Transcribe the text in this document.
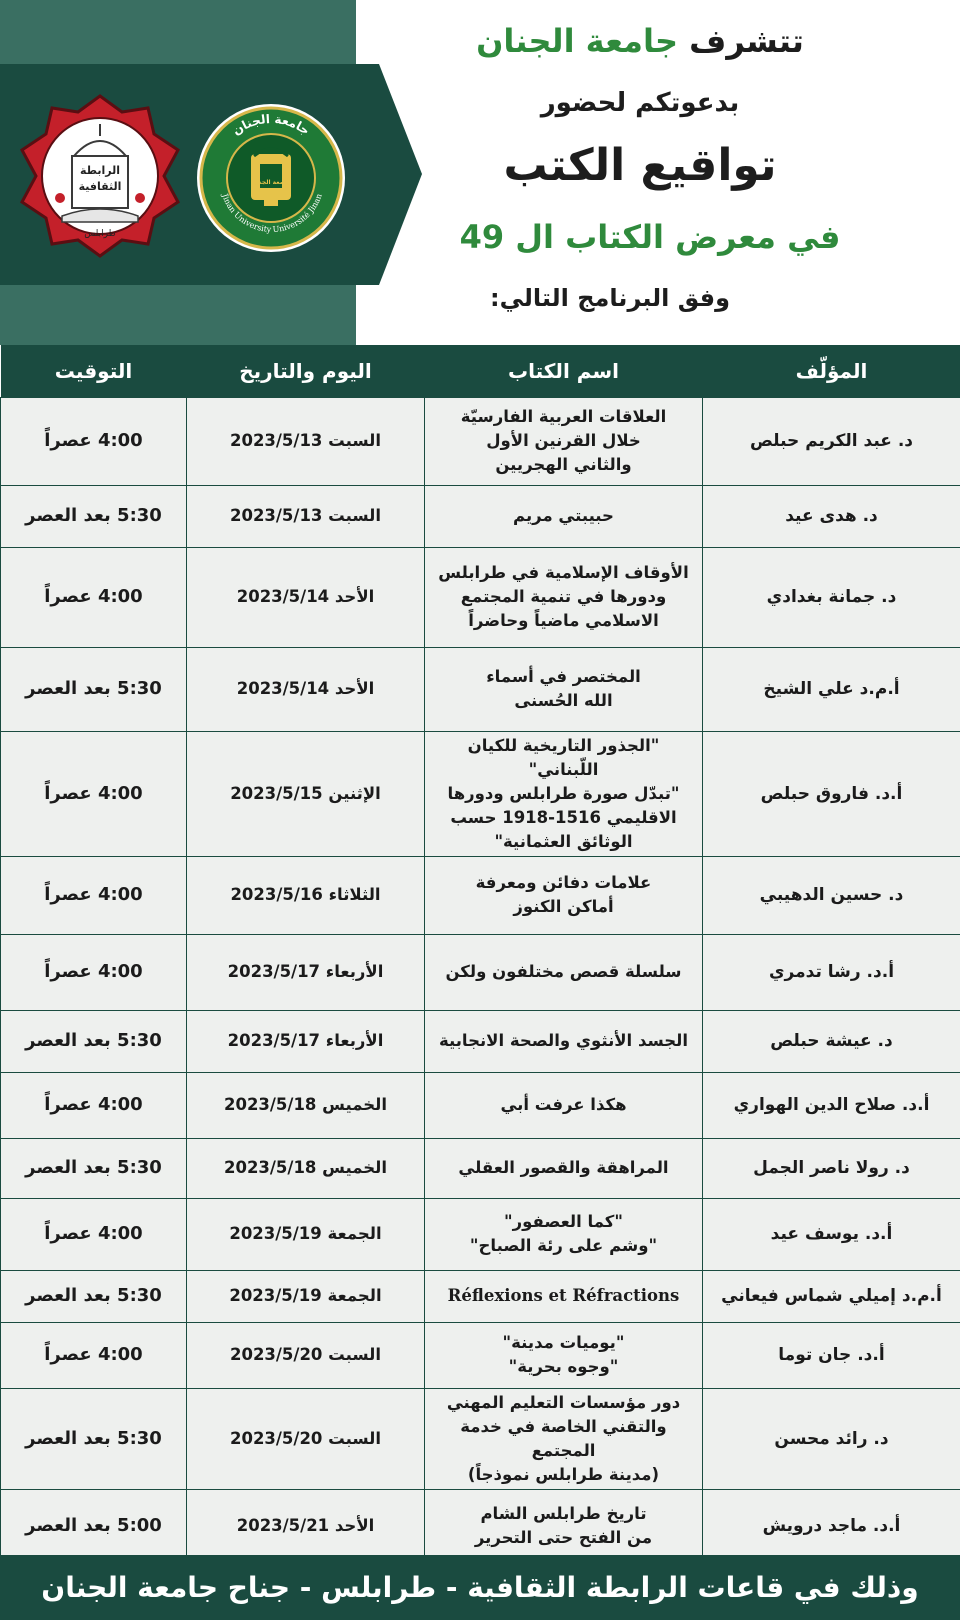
الرابطة
الثقافية
طرابلس
جامعة الجنان
Jinan University Université Jinan
جامعة الجنان
تتشرف جامعة الجنان
بدعوتكم لحضور
تواقيع الكتب
في معرض الكتاب ال 49
وفق البرنامج التالي:
المؤلّف	اسم الكتاب	اليوم والتاريخ	التوقيت
د. عبد الكريم حبلص	العلاقات العربية الفارسيّة
خلال القرنين الأول
والثاني الهجريين	السبت 2023/5/13	4:00 عصراً
د. هدى عيد	حبيبتي مريم	السبت 2023/5/13	5:30 بعد العصر
د. جمانة بغدادي	الأوقاف الإسلامية في طرابلس
ودورها في تنمية المجتمع
الاسلامي ماضياً وحاضراً	الأحد 2023/5/14	4:00 عصراً
أ.م.د علي الشيخ	المختصر في أسماء
الله الحُسنى	الأحد 2023/5/14	5:30 بعد العصر
أ.د. فاروق حبلص	"الجذور التاريخية للكيان اللّبناني"
"تبدّل صورة طرابلس ودورها
الاقليمي 1516-1918 حسب
الوثائق العثمانية"	الإثنين 2023/5/15	4:00 عصراً
د. حسين الدهيبي	علامات دفائن ومعرفة
أماكن الكنوز	الثلاثاء 2023/5/16	4:00 عصراً
أ.د. رشا تدمري	سلسلة قصص مختلفون ولكن	الأربعاء 2023/5/17	4:00 عصراً
د. عيشة حبلص	الجسد الأنثوي والصحة الانجابية	الأربعاء 2023/5/17	5:30 بعد العصر
أ.د. صلاح الدين الهواري	هكذا عرفت أبي	الخميس 2023/5/18	4:00 عصراً
د. رولا ناصر الجمل	المراهقة والقصور العقلي	الخميس 2023/5/18	5:30 بعد العصر
أ.د. يوسف عيد	"كما العصفور"
"وشم على رئة الصباح"	الجمعة 2023/5/19	4:00 عصراً
أ.م.د إميلي شماس فيعاني	Réflexions et Réfractions	الجمعة 2023/5/19	5:30 بعد العصر
أ.د. جان توما	"يوميات مدينة"
"وجوه بحرية"	السبت 2023/5/20	4:00 عصراً
د. رائد محسن	دور مؤسسات التعليم المهني
والتقني الخاصة في خدمة المجتمع
(مدينة طرابلس نموذجاً)	السبت 2023/5/20	5:30 بعد العصر
أ.د. ماجد درويش	تاريخ طرابلس الشام
من الفتح حتى التحرير	الأحد 2023/5/21	5:00 بعد العصر
وذلك في قاعات الرابطة الثقافية - طرابلس - جناح جامعة الجنان
